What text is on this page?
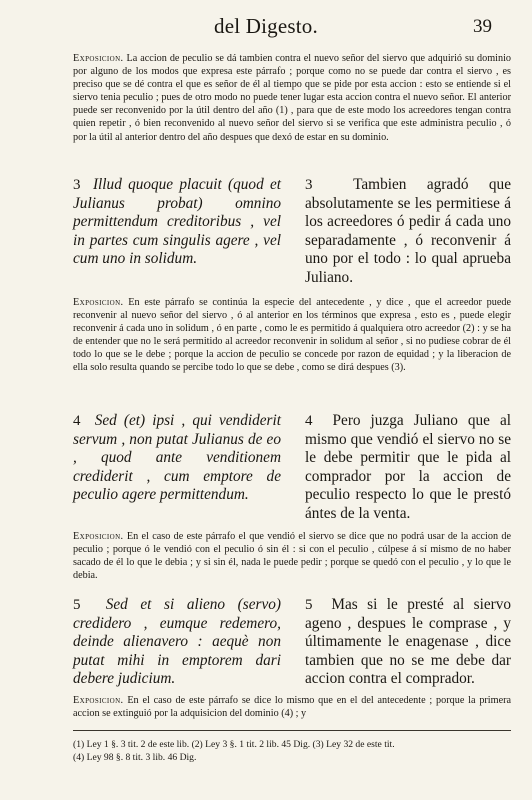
del Digesto.	39
Exposicion. La accion de peculio se dá tambien contra el nuevo señor del siervo que adquirió su dominio por alguno de los modos que expresa este párrafo ; porque como no se puede dar contra el siervo , es preciso que se dé contra el que es señor de él al tiempo que se pide por esta accion : esto se entiende si el siervo tenia peculio ; pues de otro modo no puede tener lugar esta accion contra el nuevo señor. El anterior puede ser reconvenido por la útil dentro del año (1) , para que de este modo los acreedores tengan contra quien repetir , ó bien reconvenido al nuevo señor del siervo si se verifica que este administra peculio , ó por la útil al anterior dentro del año despues que dexó de estar en su dominio.
3 Illud quoque placuit (quod et Julianus probat) omnino permittendum creditoribus , vel in partes cum singulis agere , vel cum uno in solidum.
3	Tambien agradó que absolutamente se les permitiese á los acreedores ó pedir á cada uno separadamente , ó reconvenir á uno por el todo : lo qual aprueba Juliano.
Exposicion. En este párrafo se continúa la especie del antecedente , y dice , que el acreedor puede reconvenir al nuevo señor del siervo , ó al anterior en los términos que expresa , esto es , puede elegir reconvenir á cada uno in solidum , ó en parte , como le es permitido á qualquiera otro acreedor (2) : y se ha de entender que no le será permitido al acreedor reconvenir in solidum al señor , si no pudiese cobrar de él todo lo que se le debe ; porque la accion de peculio se concede por razon de equidad ; y la liberacion de ella solo resulta quando se percibe todo lo que se debe , como se dirá despues (3).
4 Sed (et) ipsi , qui vendiderit servum , non putat Julianus de eo , quod ante venditionem crediderit , cum emptore de peculio agere permittendum.
4 Pero juzga Juliano que al mismo que vendió el siervo no se le debe permitir que le pida al comprador por la accion de peculio respecto lo que le prestó ántes de la venta.
Exposicion. En el caso de este párrafo el que vendió el siervo se dice que no podrá usar de la accion de peculio ; porque ó le vendió con el peculio ó sin él : si con el peculio , cúlpese á sí mismo de no haber sacado de él lo que le debia ; y si sin él, nada le puede pedir ; porque se quedó con el peculio , y lo que le debia.
5 Sed et si alieno (servo) credidero , eumque redemero, deinde alienavero : aequè non putat mihi in emptorem dari debere judicium.
5 Mas si le presté al siervo ageno , despues le comprase , y últimamente le enagenase , dice tambien que no se me debe dar accion contra el comprador.
Exposicion. En el caso de este párrafo se dice lo mismo que en el del antecedente ; porque la primera accion se extinguió por la adquisicion del dominio (4) ; y
(1) Ley 1 §. 3 tit. 2 de este lib. (2) Ley 3 §. 1 tit. 2 lib. 45 Dig. (3) Ley 32 de este tit.
(4) Ley 98 §. 8 tit. 3 lib. 46 Dig.
